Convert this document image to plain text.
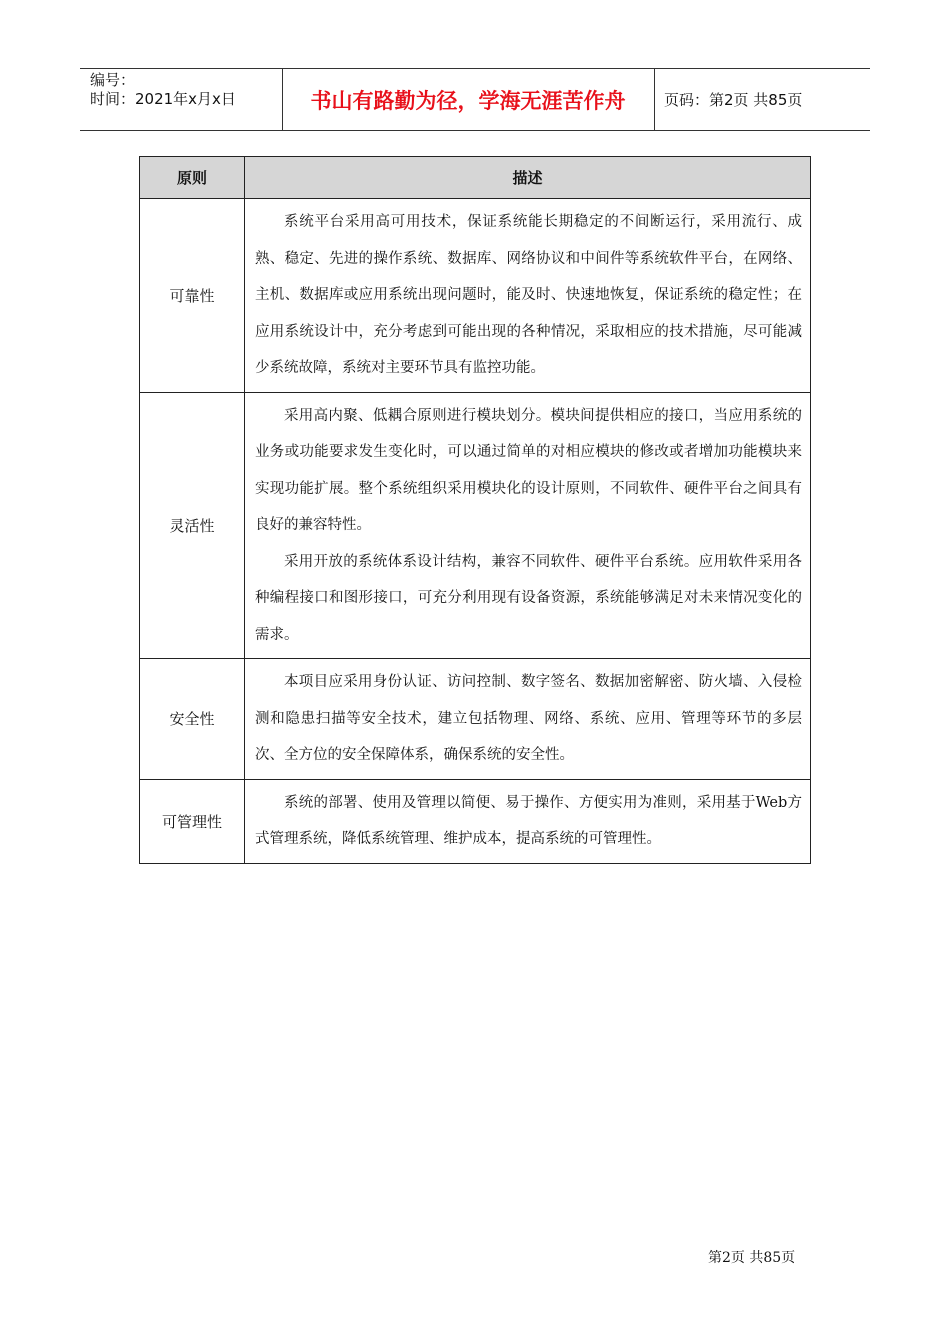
编号：
时间：2021年x月x日	书山有路勤为径，学海无涯苦作舟	页码：第2页 共85页
原则	描述
可靠性	系统平台采用高可用技术，保证系统能长期稳定的不间断运行，采用流行、成熟、稳定、先进的操作系统、数据库、网络协议和中间件等系统软件平台，在网络、主机、数据库或应用系统出现问题时，能及时、快速地恢复，保证系统的稳定性；在应用系统设计中，充分考虑到可能出现的各种情况，采取相应的技术措施，尽可能减少系统故障，系统对主要环节具有监控功能。

灵活性	采用高内聚、低耦合原则进行模块划分。模块间提供相应的接口，当应用系统的业务或功能要求发生变化时，可以通过简单的对相应模块的修改或者增加功能模块来实现功能扩展。整个系统组织采用模块化的设计原则，不同软件、硬件平台之间具有良好的兼容特性。

采用开放的系统体系设计结构，兼容不同软件、硬件平台系统。应用软件采用各种编程接口和图形接口，可充分利用现有设备资源，系统能够满足对未来情况变化的需求。

安全性	本项目应采用身份认证、访问控制、数字签名、数据加密解密、防火墙、入侵检测和隐患扫描等安全技术，建立包括物理、网络、系统、应用、管理等环节的多层次、全方位的安全保障体系，确保系统的安全性。

可管理性	系统的部署、使用及管理以简便、易于操作、方便实用为准则，采用基于Web方式管理系统，降低系统管理、维护成本，提高系统的可管理性。

第2页 共85页
